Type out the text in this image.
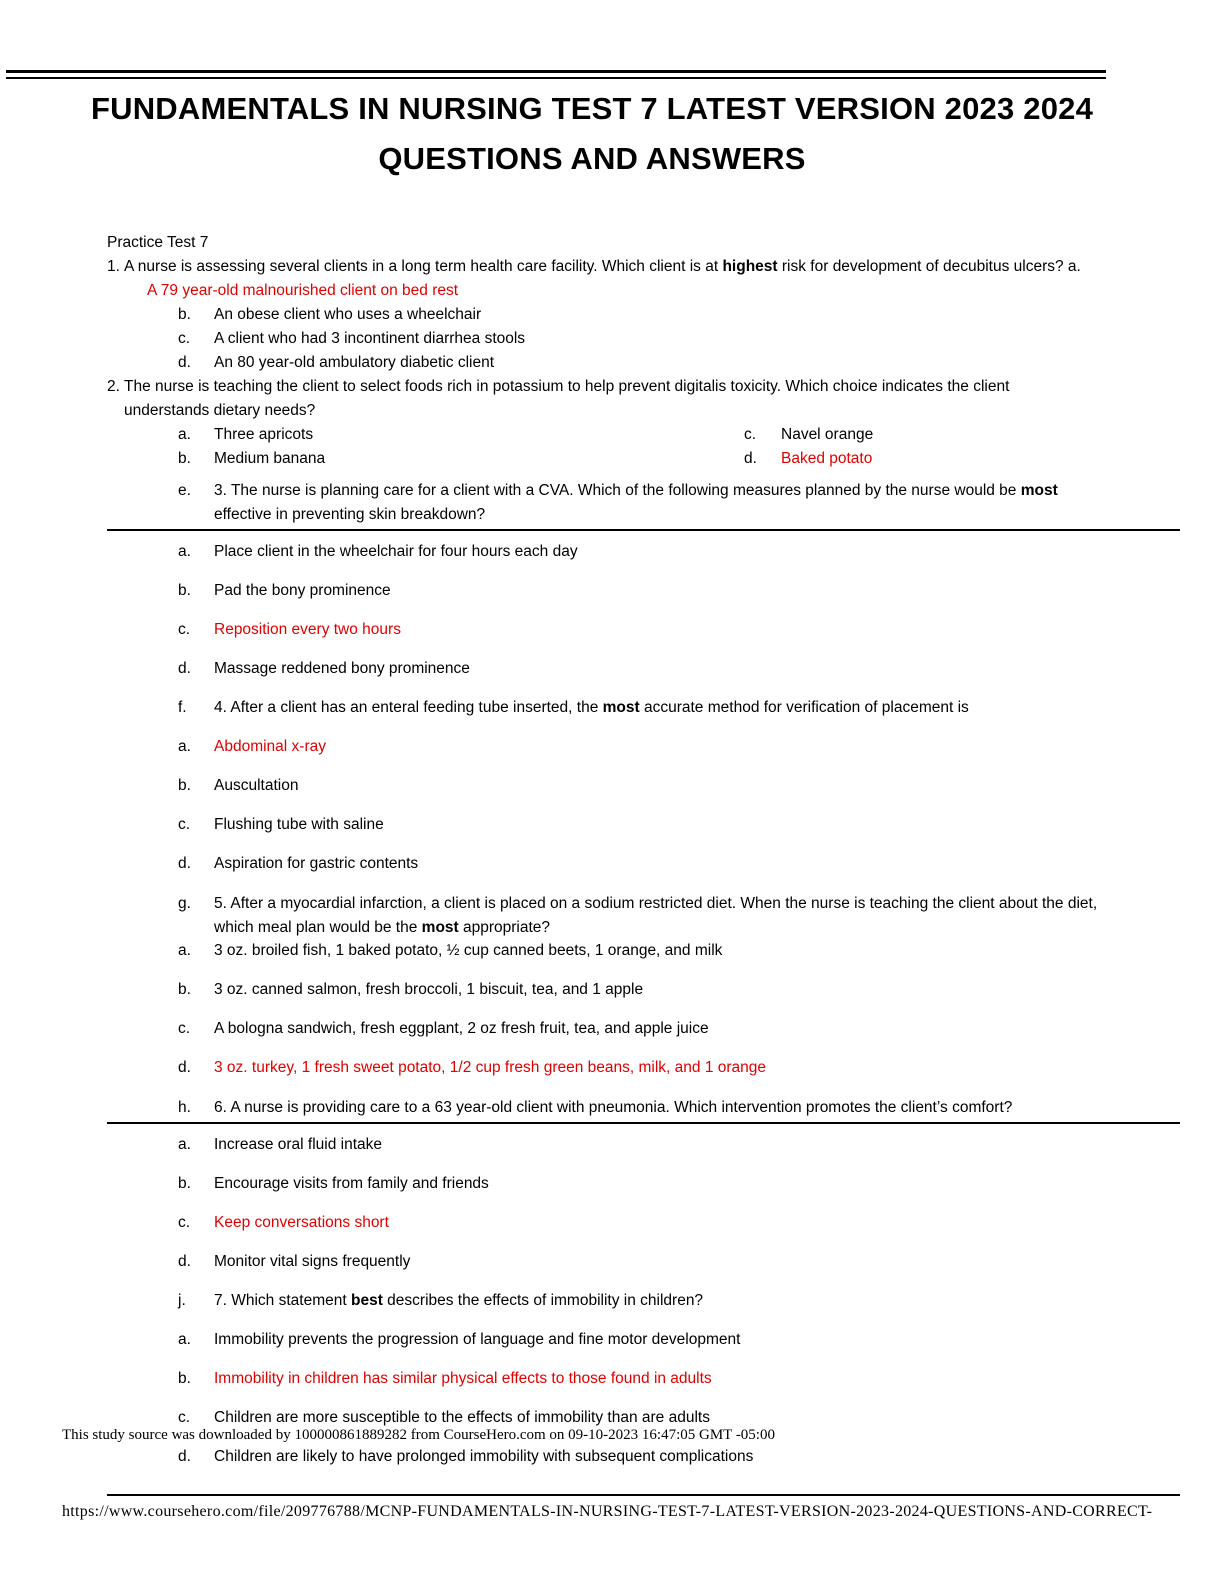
FUNDAMENTALS IN NURSING TEST 7 LATEST VERSION 2023 2024
QUESTIONS AND ANSWERS
Practice Test 7
1. A nurse is assessing several clients in a long term health care facility. Which client is at highest risk for development of decubitus ulcers? a.
A 79 year-old malnourished client on bed rest
b. An obese client who uses a wheelchair
c. A client who had 3 incontinent diarrhea stools
d. An 80 year-old ambulatory diabetic client
2. The nurse is teaching the client to select foods rich in potassium to help prevent digitalis toxicity. Which choice indicates the client
understands dietary needs?
a. Three apricots	c. Navel orange
b. Medium banana	d. Baked potato
e. 3. The nurse is planning care for a client with a CVA. Which of the following measures planned by the nurse would be most
effective in preventing skin breakdown?
a. Place client in the wheelchair for four hours each day
b. Pad the bony prominence
c. Reposition every two hours
d. Massage reddened bony prominence
f. 4. After a client has an enteral feeding tube inserted, the most accurate method for verification of placement is
a. Abdominal x-ray
b. Auscultation
c. Flushing tube with saline
d. Aspiration for gastric contents
g. 5. After a myocardial infarction, a client is placed on a sodium restricted diet. When the nurse is teaching the client about the diet,
which meal plan would be the most appropriate?
a. 3 oz. broiled fish, 1 baked potato, ½ cup canned beets, 1 orange, and milk
b. 3 oz. canned salmon, fresh broccoli, 1 biscuit, tea, and 1 apple
c. A bologna sandwich, fresh eggplant, 2 oz fresh fruit, tea, and apple juice
d. 3 oz. turkey, 1 fresh sweet potato, 1/2 cup fresh green beans, milk, and 1 orange
h. 6. A nurse is providing care to a 63 year-old client with pneumonia. Which intervention promotes the client’s comfort?
a. Increase oral fluid intake
b. Encourage visits from family and friends
c. Keep conversations short
d. Monitor vital signs frequently
j. 7. Which statement best describes the effects of immobility in children?
a. Immobility prevents the progression of language and fine motor development
b. Immobility in children has similar physical effects to those found in adults
c. Children are more susceptible to the effects of immobility than are adults
d. Children are likely to have prolonged immobility with subsequent complications
This study source was downloaded by 100000861889282 from CourseHero.com on 09-10-2023 16:47:05 GMT -05:00
https://www.coursehero.com/file/209776788/MCNP-FUNDAMENTALS-IN-NURSING-TEST-7-LATEST-VERSION-2023-2024-QUESTIONS-AND-CORRECT-
